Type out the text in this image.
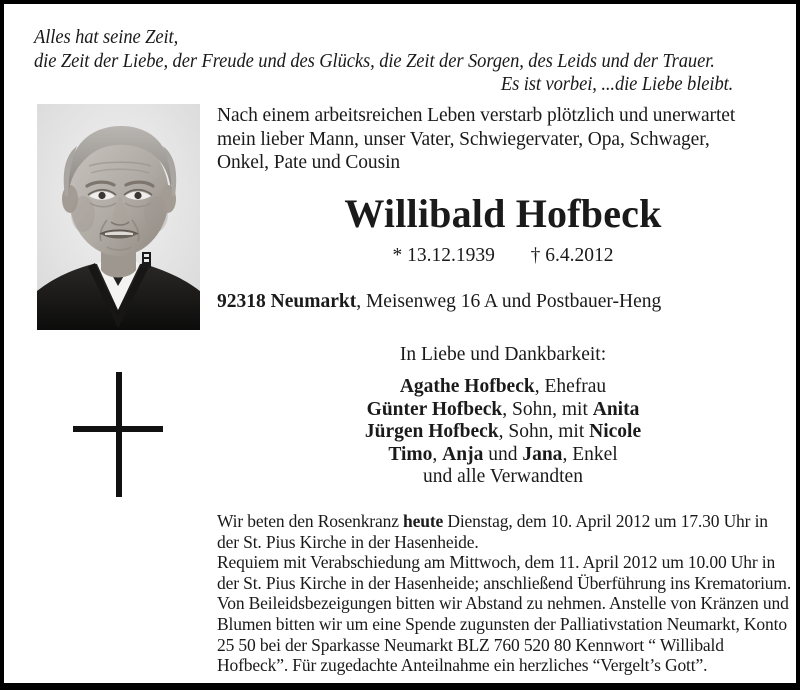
Alles hat seine Zeit,
die Zeit der Liebe, der Freude und des Glücks, die Zeit der Sorgen, des Leids und der Trauer.
Es ist vorbei, ...die Liebe bleibt.
Nach einem arbeitsreichen Leben verstarb plötzlich und unerwartet
mein lieber Mann, unser Vater, Schwiegervater, Opa, Schwager,
Onkel, Pate und Cousin
Willibald Hofbeck
* 13.12.1939 † 6.4.2012
92318 Neumarkt, Meisenweg 16 A und Postbauer-Heng
In Liebe und Dankbarkeit:
Agathe Hofbeck, Ehefrau
Günter Hofbeck, Sohn, mit Anita
Jürgen Hofbeck, Sohn, mit Nicole
Timo, Anja und Jana, Enkel
und alle Verwandten

Wir beten den Rosenkranz heute Dienstag, dem 10. April 2012 um 17.30 Uhr in der St. Pius Kirche in der Hasenheide.

Requiem mit Verabschiedung am Mittwoch, dem 11. April 2012 um 10.00 Uhr in der St. Pius Kirche in der Hasenheide; anschließend Überführung ins Krematorium. Von Beileidsbezeigungen bitten wir Abstand zu nehmen. Anstelle von Kränzen und Blumen bitten wir um eine Spende zugunsten der Palliativstation Neumarkt, Konto 25 50 bei der Sparkasse Neumarkt BLZ 760 520 80 Kennwort “ Willibald Hofbeck”. Für zugedachte Anteilnahme ein herzliches “Vergelt’s Gott”.
